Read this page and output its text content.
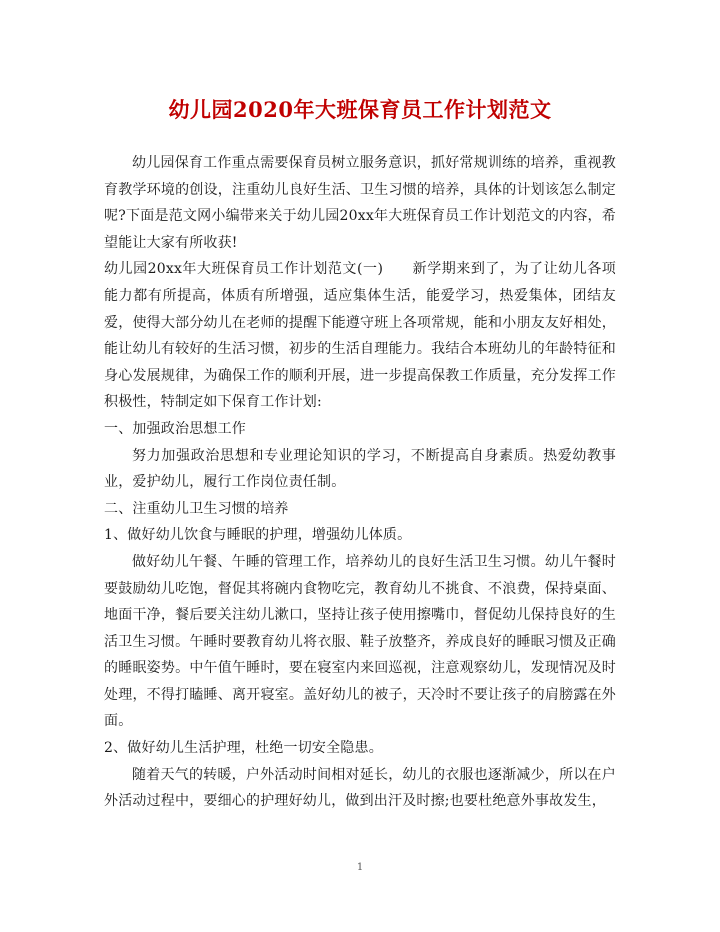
幼儿园2020年大班保育员工作计划范文

幼儿园保育工作重点需要保育员树立服务意识，抓好常规训练的培养，重视教育教学环境的创设，注重幼儿良好生活、卫生习惯的培养，具体的计划该怎么制定呢?下面是范文网小编带来关于幼儿园20xx年大班保育员工作计划范文的内容，希望能让大家有所收获!

幼儿园20xx年大班保育员工作计划范文(一)　　新学期来到了，为了让幼儿各项能力都有所提高，体质有所增强，适应集体生活，能爱学习，热爱集体，团结友爱，使得大部分幼儿在老师的提醒下能遵守班上各项常规，能和小朋友友好相处，能让幼儿有较好的生活习惯，初步的生活自理能力。我结合本班幼儿的年龄特征和身心发展规律，为确保工作的顺利开展，进一步提高保教工作质量，充分发挥工作积极性，特制定如下保育工作计划:

一、加强政治思想工作

努力加强政治思想和专业理论知识的学习，不断提高自身素质。热爱幼教事业，爱护幼儿，履行工作岗位责任制。

二、注重幼儿卫生习惯的培养

1、做好幼儿饮食与睡眠的护理，增强幼儿体质。

做好幼儿午餐、午睡的管理工作，培养幼儿的良好生活卫生习惯。幼儿午餐时要鼓励幼儿吃饱，督促其将碗内食物吃完，教育幼儿不挑食、不浪费，保持桌面、地面干净，餐后要关注幼儿漱口，坚持让孩子使用擦嘴巾，督促幼儿保持良好的生活卫生习惯。午睡时要教育幼儿将衣服、鞋子放整齐，养成良好的睡眠习惯及正确的睡眠姿势。中午值午睡时，要在寝室内来回巡视，注意观察幼儿，发现情况及时处理，不得打瞌睡、离开寝室。盖好幼儿的被子，天冷时不要让孩子的肩膀露在外面。

2、做好幼儿生活护理，杜绝一切安全隐患。

随着天气的转暖，户外活动时间相对延长，幼儿的衣服也逐渐减少，所以在户外活动过程中，要细心的护理好幼儿，做到出汗及时擦;也要杜绝意外事故发生，

1
